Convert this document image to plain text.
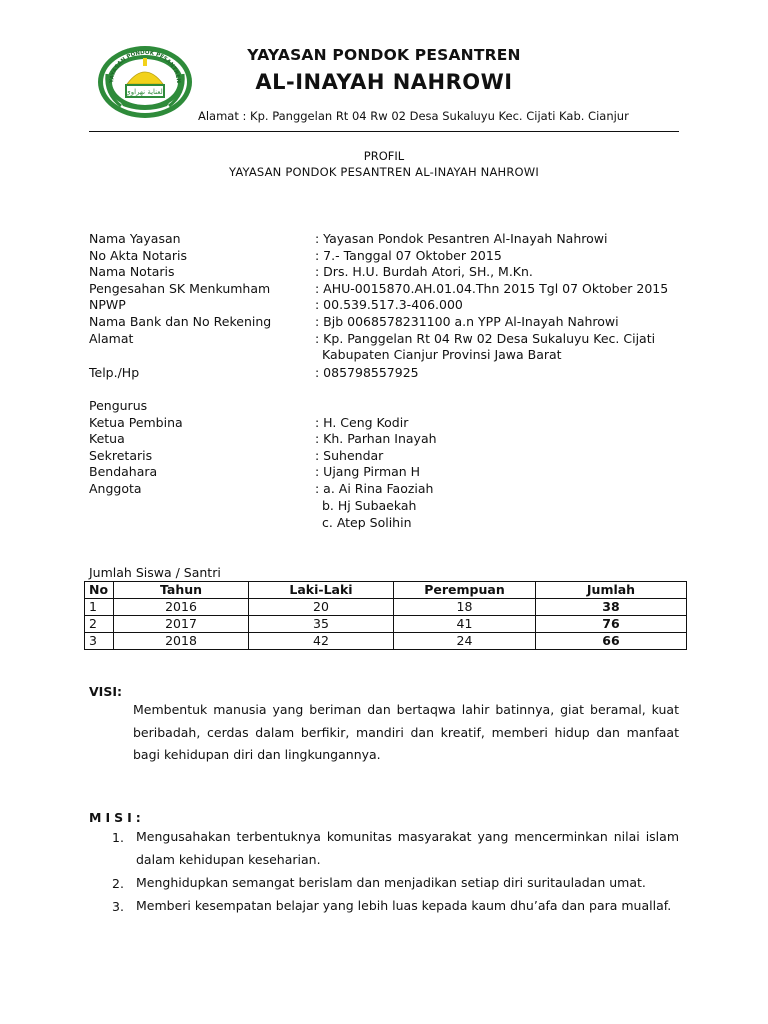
YAYASAN PONDOK PESANTREN
العناية نهراوي
YAYASAN PONDOK PESANTREN
AL-INAYAH NAHROWI
Alamat : Kp. Panggelan Rt 04 Rw 02 Desa Sukaluyu Kec. Cijati Kab. Cianjur
PROFIL
YAYASAN PONDOK PESANTREN AL-INAYAH NAHROWI
Nama Yayasan	: Yayasan Pondok Pesantren Al-Inayah Nahrowi
No Akta Notaris	: 7.- Tanggal 07 Oktober 2015
Nama Notaris	: Drs. H.U. Burdah Atori, SH., M.Kn.
Pengesahan SK Menkumham	: AHU-0015870.AH.01.04.Thn 2015 Tgl 07 Oktober 2015
NPWP	: 00.539.517.3-406.000
Nama Bank dan No Rekening	: Bjb 0068578231100 a.n YPP Al-Inayah Nahrowi
Alamat	: Kp. Panggelan Rt 04 Rw 02 Desa Sukaluyu Kec. Cijati
Kabupaten Cianjur Provinsi Jawa Barat
Telp./Hp	: 085798557925
Pengurus
Ketua Pembina	: H. Ceng Kodir
Ketua	: Kh. Parhan Inayah
Sekretaris	: Suhendar
Bendahara	: Ujang Pirman H
Anggota	: a. Ai Rina Faoziah
b. Hj Subaekah
c. Atep Solihin
Jumlah Siswa / Santri
No	Tahun	Laki-Laki	Perempuan	Jumlah
1	2016	20	18	38
2	2017	35	41	76
3	2018	42	24	66
VISI:
Membentuk manusia yang beriman dan bertaqwa lahir batinnya, giat beramal, kuat beribadah, cerdas dalam berfikir, mandiri dan kreatif, memberi hidup dan manfaat bagi kehidupan diri dan lingkungannya.
MISI:
1. Mengusahakan terbentuknya komunitas masyarakat yang mencerminkan nilai islam dalam kehidupan keseharian.
2. Menghidupkan semangat berislam dan menjadikan setiap diri suritauladan umat.
3. Memberi kesempatan belajar yang lebih luas kepada kaum dhu’afa dan para muallaf.
